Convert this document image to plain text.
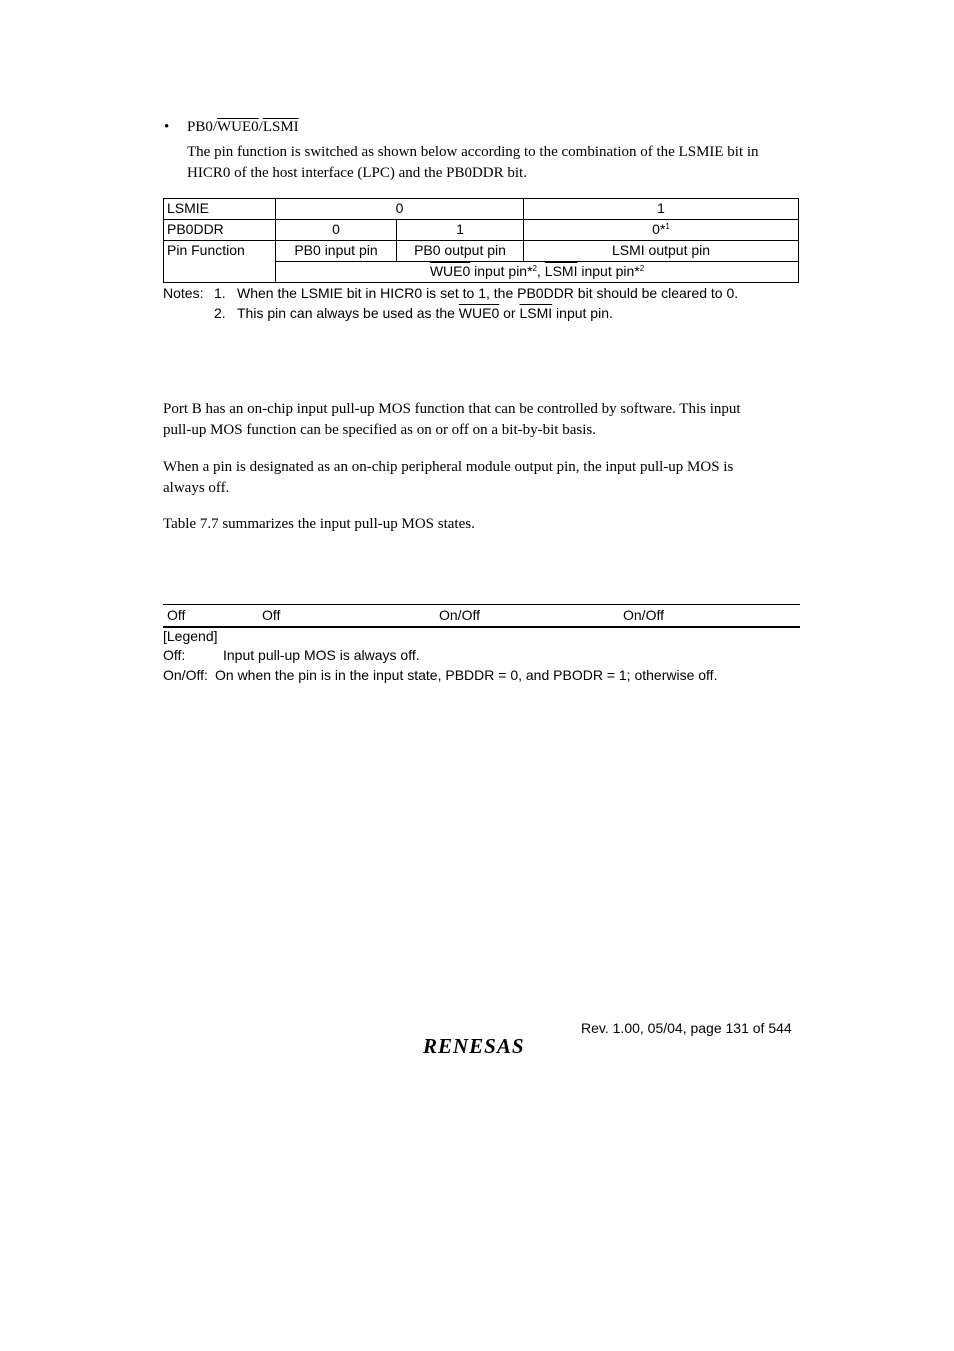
• PB0/WUE0/LSMI
The pin function is switched as shown below according to the combination of the LSMIE bit in
HICR0 of the host interface (LPC) and the PB0DDR bit.
LSMIE	0		1
PB0DDR	0	1	0*$^1$
Pin Function	PB0 input pin	PB0 output pin	LSMI output pin
	WUE0 input pin*$^2$, LSMI input pin*$^2$
Notes: 1. When the LSMIE bit in HICR0 is set to 1, the PB0DDR bit should be cleared to 0.
2. This pin can always be used as the WUE0 or LSMI input pin.
Port B has an on-chip input pull-up MOS function that can be controlled by software. This input
pull-up MOS function can be specified as on or off on a bit-by-bit basis.
When a pin is designated as an on-chip peripheral module output pin, the input pull-up MOS is
always off.
Table 7.7 summarizes the input pull-up MOS states.
Off	Off	On/Off	On/Off
[Legend]
Off:	Input pull-up MOS is always off.
On/Off: On when the pin is in the input state, PBDDR = 0, and PBODR = 1; otherwise off.
Rev. 1.00, 05/04, page 131 of 544
RENESAS
